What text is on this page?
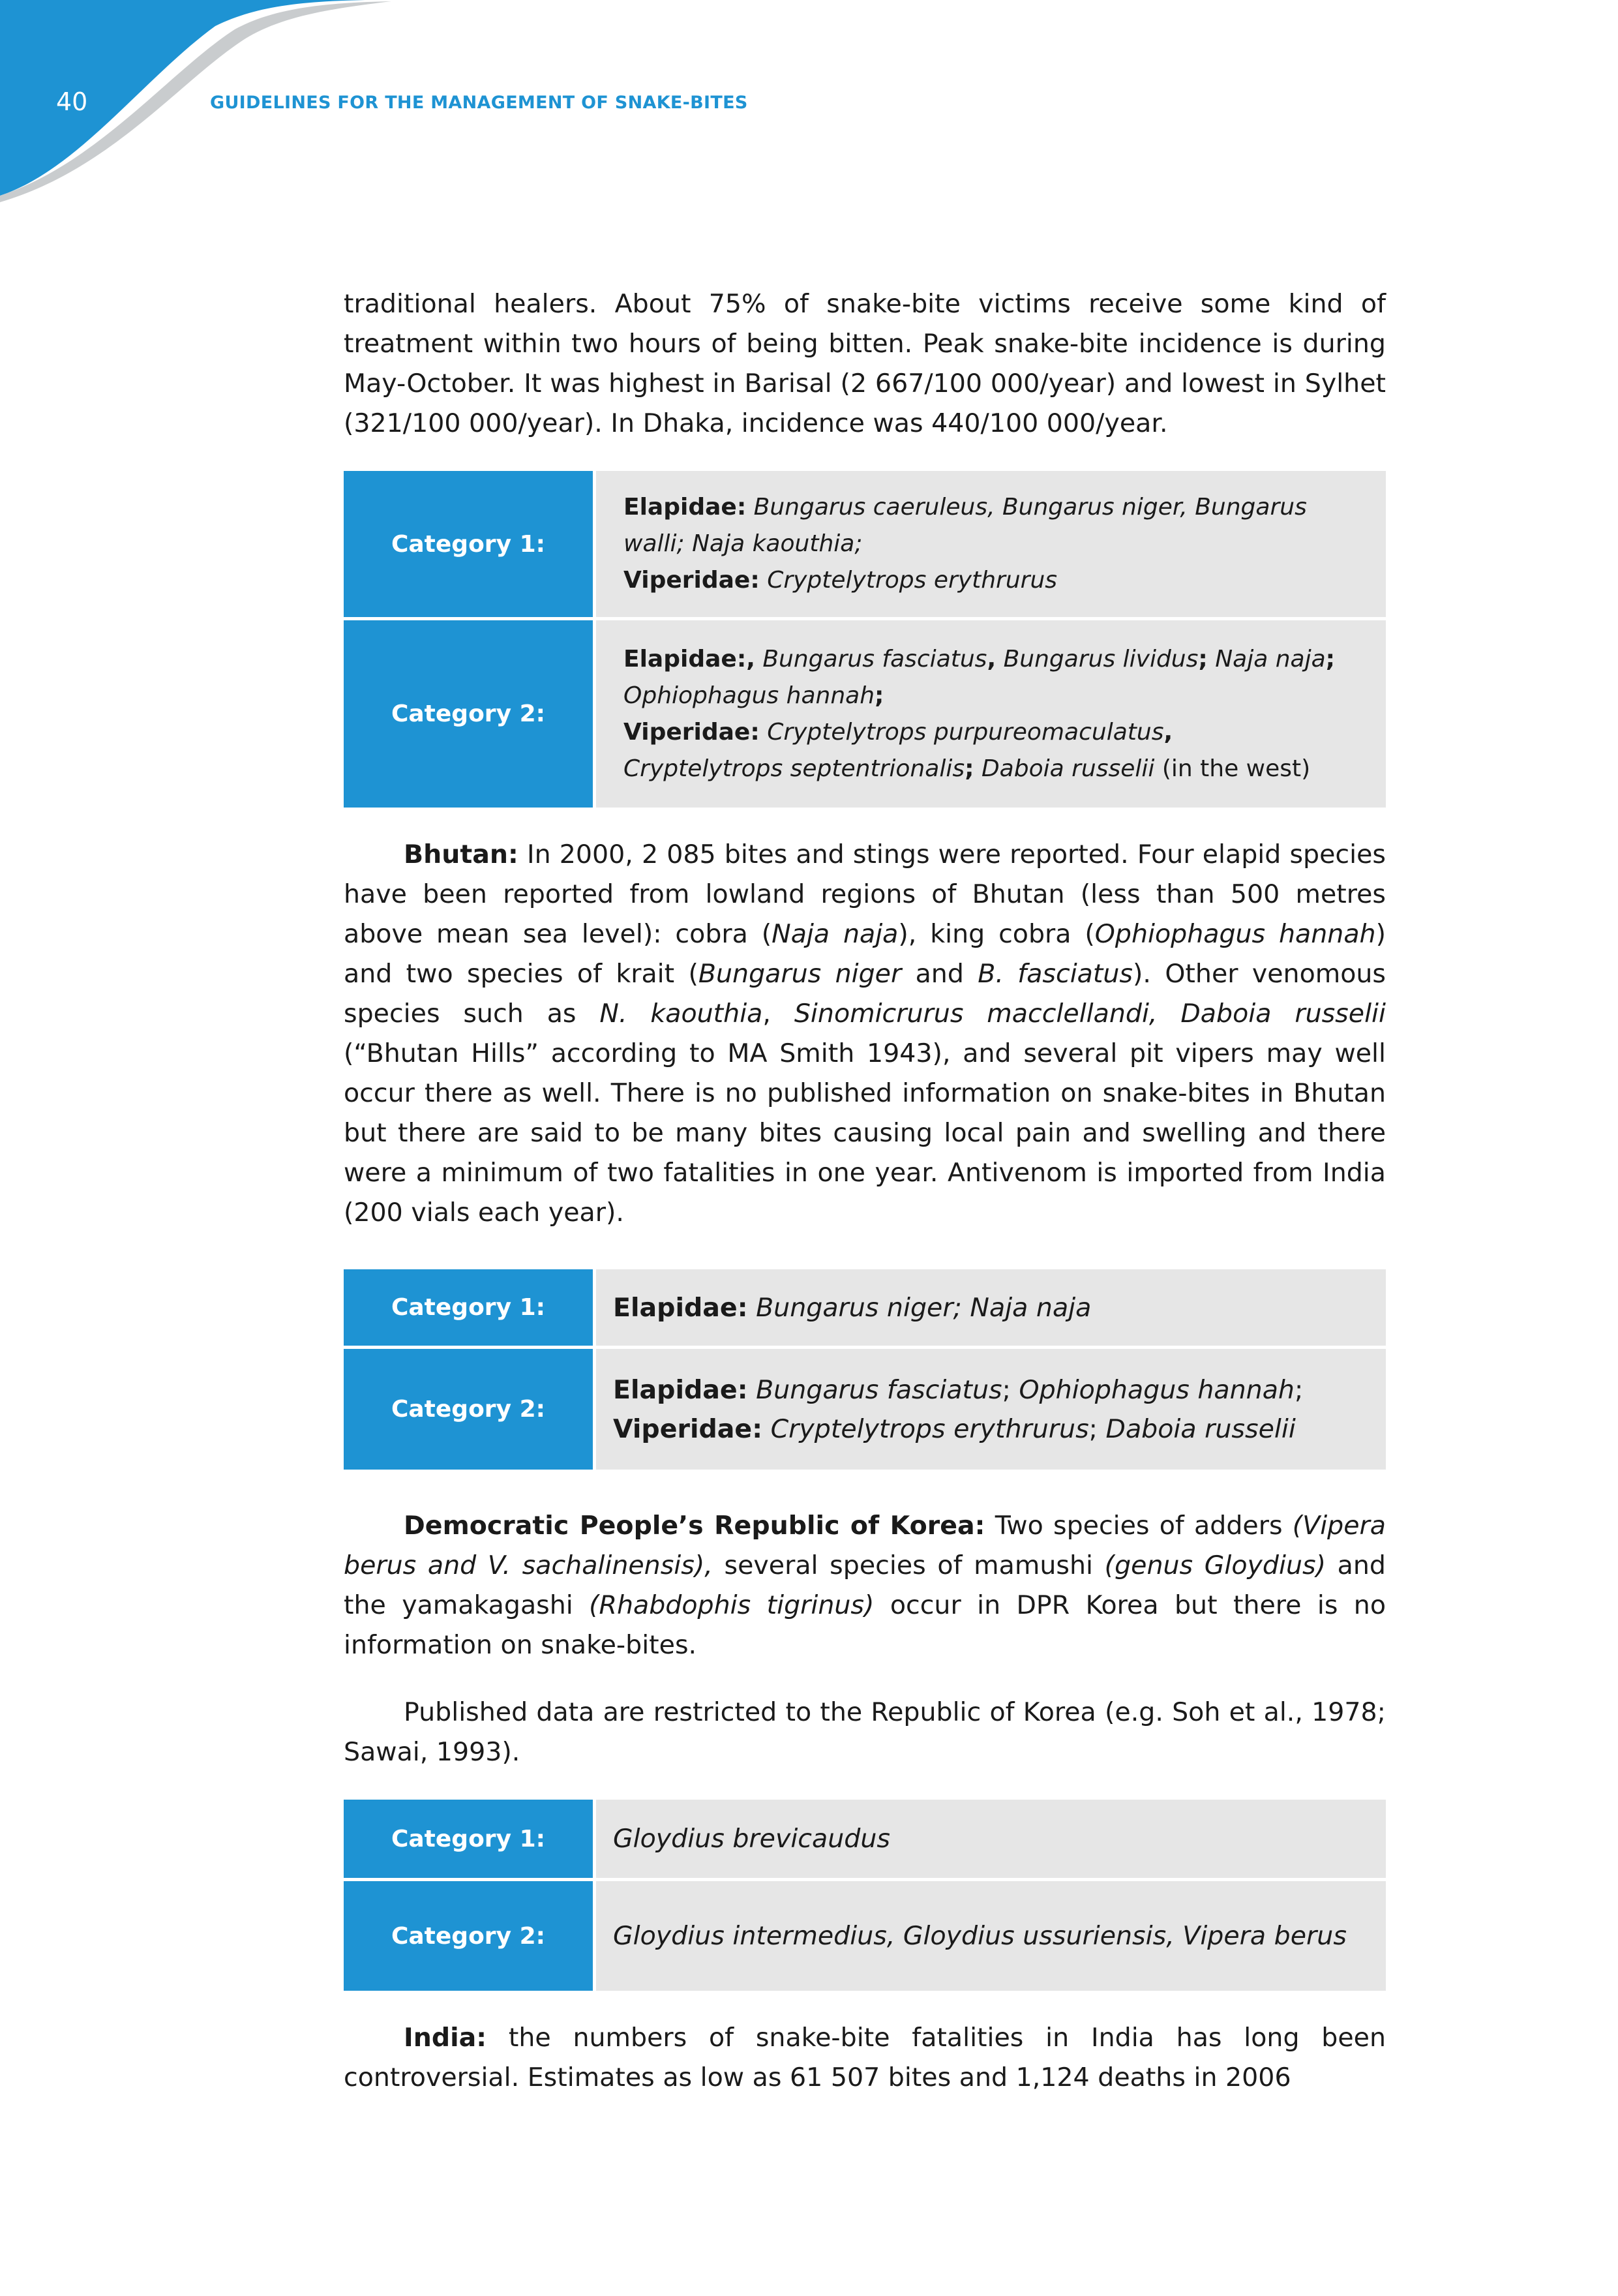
40	GUIDELINES FOR THE MANAGEMENT OF SNAKE-BITES

traditional healers. About 75% of snake-bite victims receive some kind of treatment within two hours of being bitten. Peak snake-bite incidence is during May-October. It was highest in Barisal (2 667/100 000/year) and lowest in Sylhet (321/100 000/year). In Dhaka, incidence was 440/100 000/year.

Category 1:	Elapidae: Bungarus caeruleus, Bungarus niger, Bungarus walli; Naja kaouthia;
Viperidae: Cryptelytrops erythrurus
Category 2:	Elapidae:, Bungarus fasciatus, Bungarus lividus; Naja naja; Ophiophagus hannah;
Viperidae: Cryptelytrops purpureomaculatus,
Cryptelytrops septentrionalis; Daboia russelii (in the west)

Bhutan: In 2000, 2 085 bites and stings were reported. Four elapid species have been reported from lowland regions of Bhutan (less than 500 metres above mean sea level): cobra (Naja naja), king cobra (Ophiophagus hannah) and two species of krait (Bungarus niger and B. fasciatus). Other venomous species such as N. kaouthia, Sinomicrurus macclellandi, Daboia russelii (“Bhutan Hills” according to MA Smith 1943), and several pit vipers may well occur there as well. There is no published information on snake-bites in Bhutan but there are said to be many bites causing local pain and swelling and there were a minimum of two fatalities in one year. Antivenom is imported from India (200 vials each year).

Category 1:	Elapidae: Bungarus niger; Naja naja
Category 2:	Elapidae: Bungarus fasciatus; Ophiophagus hannah;
Viperidae: Cryptelytrops erythrurus; Daboia russelii

Democratic People’s Republic of Korea: Two species of adders (Vipera berus and V. sachalinensis), several species of mamushi (genus Gloydius) and the yamakagashi (Rhabdophis tigrinus) occur in DPR Korea but there is no information on snake-bites.

Published data are restricted to the Republic of Korea (e.g. Soh et al., 1978; Sawai, 1993).

Category 1:	Gloydius brevicaudus
Category 2:	Gloydius intermedius, Gloydius ussuriensis, Vipera berus

India: the numbers of snake-bite fatalities in India has long been controversial. Estimates as low as 61 507 bites and 1,124 deaths in 2006
